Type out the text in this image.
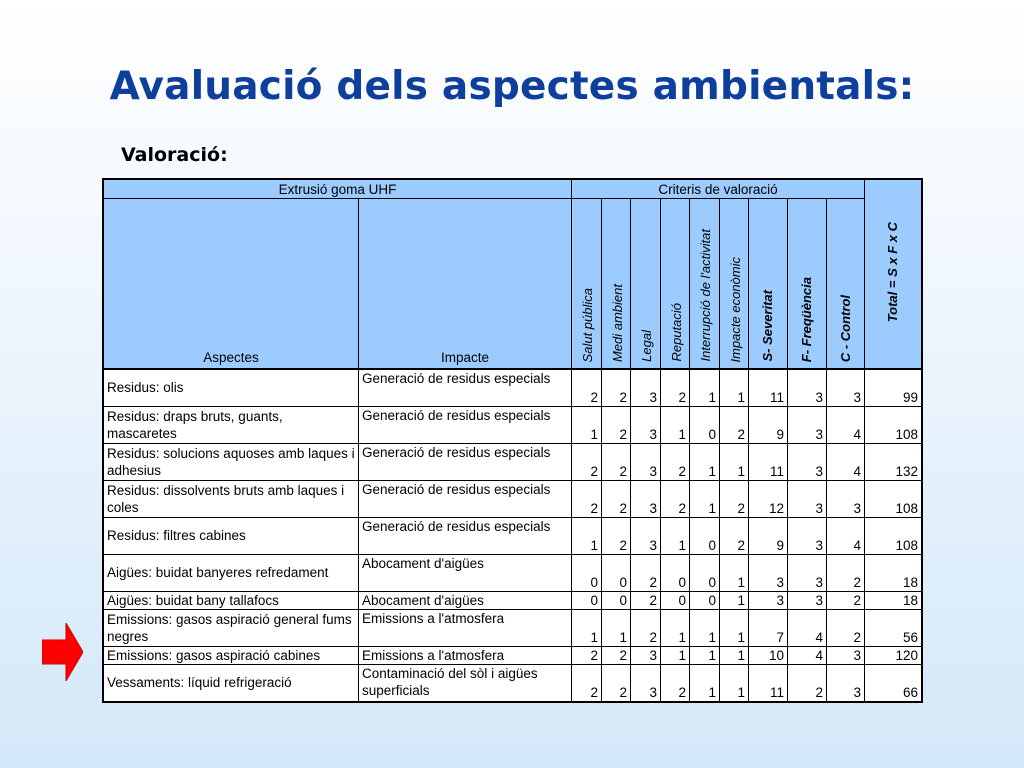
Avaluació dels aspectes ambientals:
Valoració:
Extrusió goma UHF		Criteris de valoració									Total = S x F x C
Aspectes	Impacte	Salut pública	Medi ambient	Legal	Reputació	Interrupció de l'activitat	Impacte econòmic	S- Severitat	F- Freqüència	C - Control	
Residus: olis	Generació de residus especials	2	2	3	2	1	1	11	3	3	99
Residus: draps bruts, guants, mascaretes	Generació de residus especials	1	2	3	1	0	2	9	3	4	108
Residus: solucions aquoses amb laques i adhesius	Generació de residus especials	2	2	3	2	1	1	11	3	4	132
Residus: dissolvents bruts amb laques i coles	Generació de residus especials	2	2	3	2	1	2	12	3	3	108
Residus: filtres cabines	Generació de residus especials	1	2	3	1	0	2	9	3	4	108
Aigües: buidat banyeres refredament	Abocament d'aigües	0	0	2	0	0	1	3	3	2	18
Aigües: buidat bany tallafocs	Abocament d'aigües	0	0	2	0	0	1	3	3	2	18
Emissions: gasos aspiració general fums negres	Emissions a l'atmosfera	1	1	2	1	1	1	7	4	2	56
Emissions: gasos aspiració cabines	Emissions a l'atmosfera	2	2	3	1	1	1	10	4	3	120
Vessaments: líquid refrigeració	Contaminació del sòl i aigües superficials	2	2	3	2	1	1	11	2	3	66
